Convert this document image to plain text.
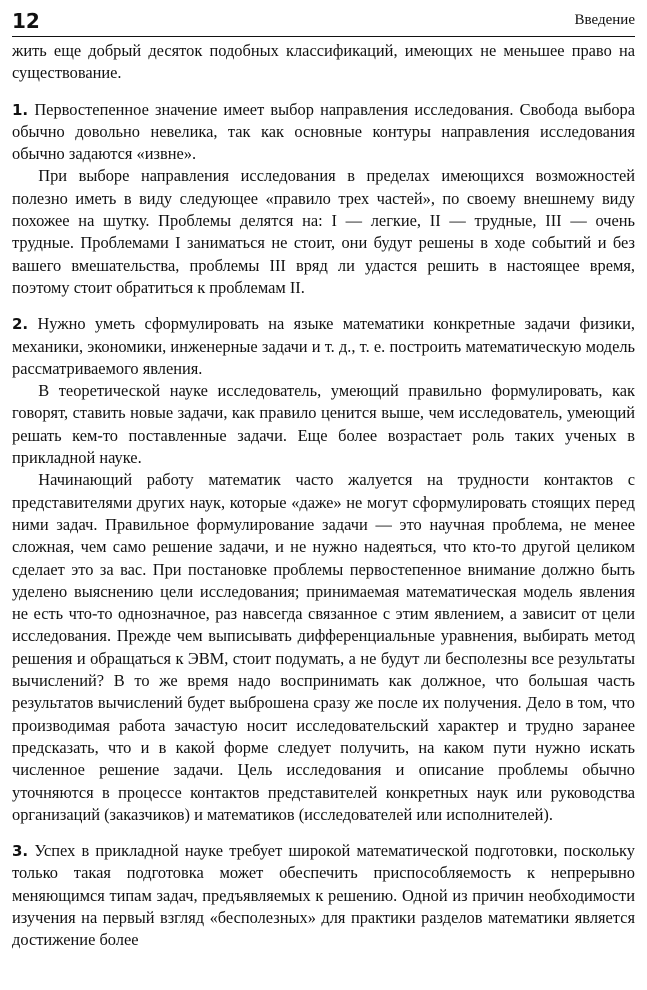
12	Введение

жить еще добрый десяток подобных классификаций, имеющих не меньшее право на существование.

1. Первостепенное значение имеет выбор направления исследования. Свобода выбора обычно довольно невелика, так как основные контуры направления исследования обычно задаются «извне».

При выборе направления исследования в пределах имеющихся возможностей полезно иметь в виду следующее «правило трех частей», по своему внешнему виду похожее на шутку. Проблемы делятся на: I — легкие, II — трудные, III — очень трудные. Проблемами I заниматься не стоит, они будут решены в ходе событий и без вашего вмешательства, проблемы III вряд ли удастся решить в настоящее время, поэтому стоит обратиться к проблемам II.

2. Нужно уметь сформулировать на языке математики конкретные задачи физики, механики, экономики, инженерные задачи и т. д., т. е. построить математическую модель рассматриваемого явления.

В теоретической науке исследователь, умеющий правильно формулировать, как говорят, ставить новые задачи, как правило ценится выше, чем исследователь, умеющий решать кем-то поставленные задачи. Еще более возрастает роль таких ученых в прикладной науке.

Начинающий работу математик часто жалуется на трудности контактов с представителями других наук, которые «даже» не могут сформулировать стоящих перед ними задач. Правильное формулирование задачи — это научная проблема, не менее сложная, чем само решение задачи, и не нужно надеяться, что кто-то другой целиком сделает это за вас. При постановке проблемы первостепенное внимание должно быть уделено выяснению цели исследования; принимаемая математическая модель явления не есть что-то однозначное, раз навсегда связанное с этим явлением, а зависит от цели исследования. Прежде чем выписывать дифференциальные уравнения, выбирать метод решения и обращаться к ЭВМ, стоит подумать, а не будут ли бесполезны все результаты вычислений? В то же время надо воспринимать как должное, что большая часть результатов вычислений будет выброшена сразу же после их получения. Дело в том, что производимая работа зачастую носит исследовательский характер и трудно заранее предсказать, что и в какой форме следует получить, на каком пути нужно искать численное решение задачи. Цель исследования и описание проблемы обычно уточняются в процессе контактов представителей конкретных наук или руководства организаций (заказчиков) и математиков (исследователей или исполнителей).

3. Успех в прикладной науке требует широкой математической подготовки, поскольку только такая подготовка может обеспечить приспособляемость к непрерывно меняющимся типам задач, предъявляемых к решению. Одной из причин необходимости изучения на первый взгляд «бесполезных» для практики разделов математики является достижение более
